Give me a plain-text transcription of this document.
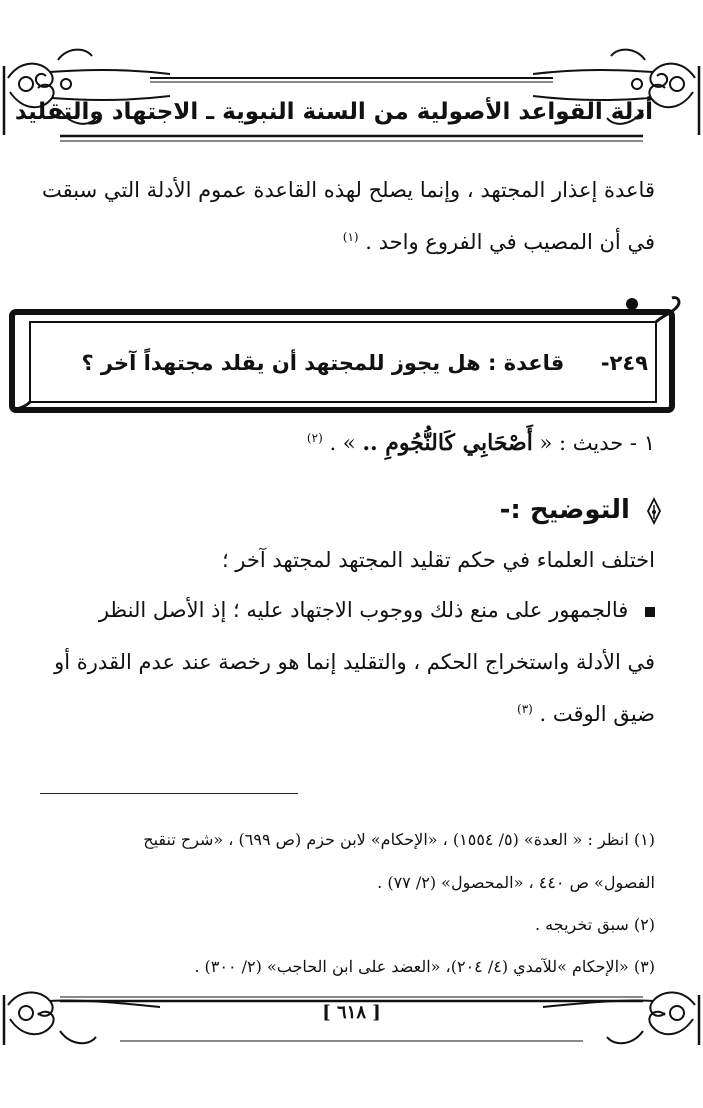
أدلة القواعد الأصولية من السنة النبوية ـ الاجتهاد والتقليد
قاعدة إعذار المجتهد ، وإنما يصلح لهذه القاعدة عموم الأدلة التي سبقت
في أن المصيب في الفروع واحد . $^{(١)}$
٢٤٩-     قاعدة : هل يجوز للمجتهد أن يقلد مجتهداً آخر ؟
١ - حديث : « أَصْحَابِي كَالنُّجُومِ .. » . $^{(٢)}$
التوضيح :-
اختلف العلماء في حكم تقليد المجتهد لمجتهد آخر ؛
فالجمهور على منع ذلك ووجوب الاجتهاد عليه ؛ إذ الأصل النظر
في الأدلة واستخراج الحكم ، والتقليد إنما هو رخصة عند عدم القدرة أو
ضيق الوقت . $^{(٣)}$
(١) انظر : « العدة» (٥/ ١٥٥٤) ، «الإحكام» لابن حزم (ص ٦٩٩) ، «شرح تنقيح
الفصول» ص ٤٤٠ ، «المحصول» (٢/ ٧٧) .
(٢) سبق تخريجه .
(٣) «الإحكام »للآمدي (٤/ ٢٠٤)، «العضد على ابن الحاجب» (٢/ ٣٠٠) .
[ ٦١٨ ]
